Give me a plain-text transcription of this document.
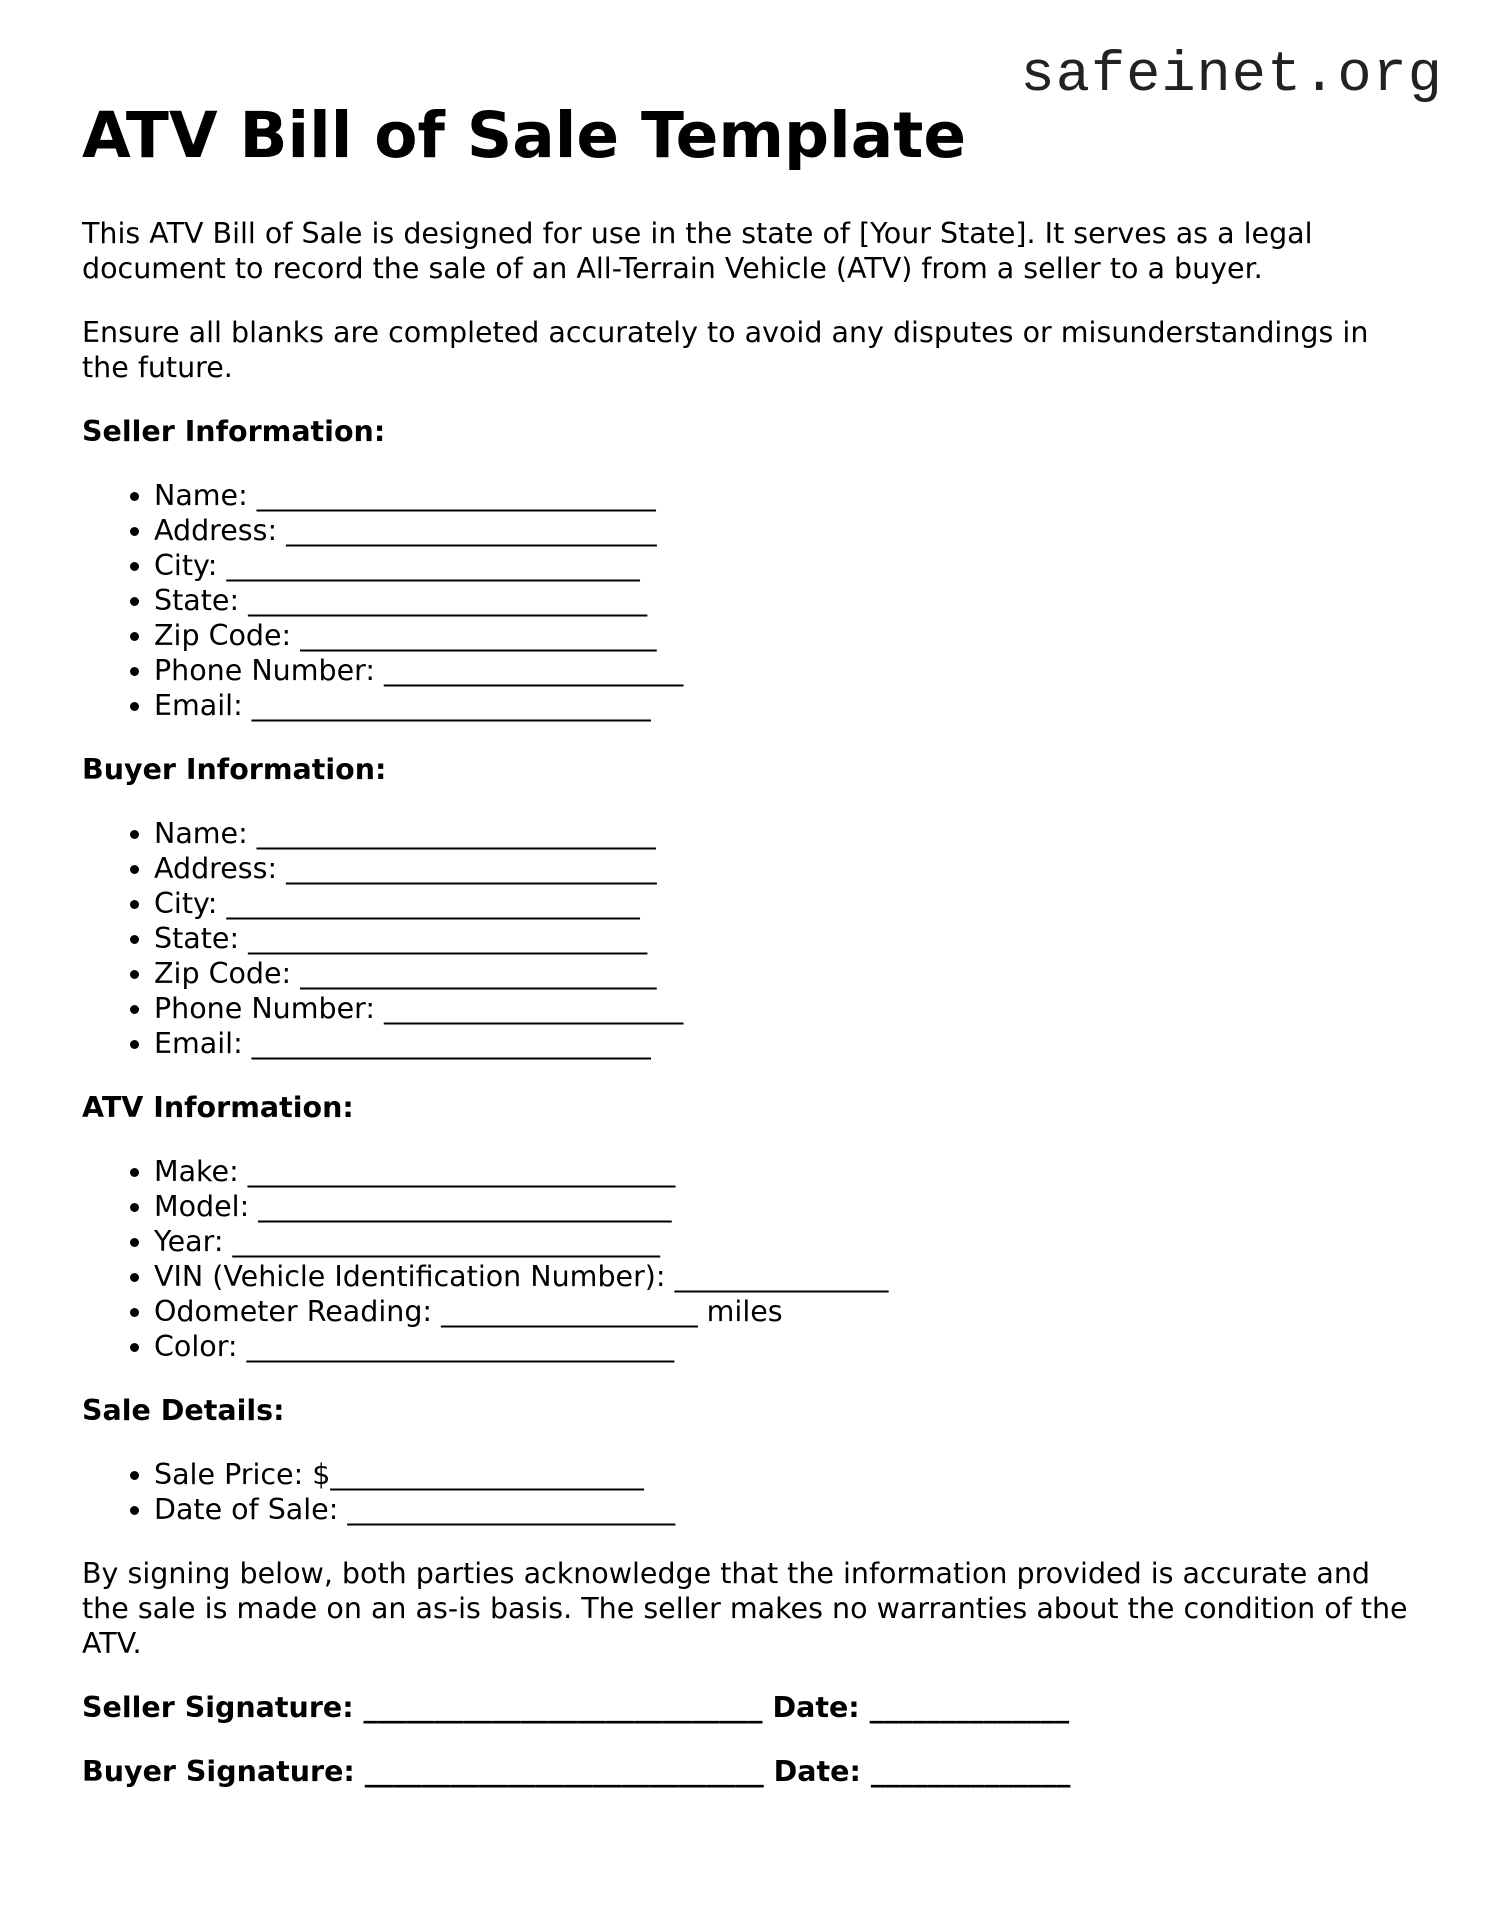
safeinet.org
ATV Bill of Sale Template

This ATV Bill of Sale is designed for use in the state of [Your State]. It serves as a legal document to record the sale of an All-Terrain Vehicle (ATV) from a seller to a buyer.

Ensure all blanks are completed accurately to avoid any disputes or misunderstandings in the future.

Seller Information:
• Name: ____________________________
• Address: __________________________
• City: _____________________________
• State: ____________________________
• Zip Code: _________________________
• Phone Number: _____________________
• Email: ____________________________
Buyer Information:
• Name: ____________________________
• Address: __________________________
• City: _____________________________
• State: ____________________________
• Zip Code: _________________________
• Phone Number: _____________________
• Email: ____________________________
ATV Information:
• Make: ______________________________
• Model: _____________________________
• Year: ______________________________
• VIN (Vehicle Identification Number): _______________
• Odometer Reading: __________________ miles
• Color: ______________________________
Sale Details:
• Sale Price: $______________________
• Date of Sale: _______________________

By signing below, both parties acknowledge that the information provided is accurate and the sale is made on an as-is basis. The seller makes no warranties about the condition of the ATV.

Seller Signature: ____________________________ Date: ______________
Buyer Signature: ____________________________ Date: ______________
